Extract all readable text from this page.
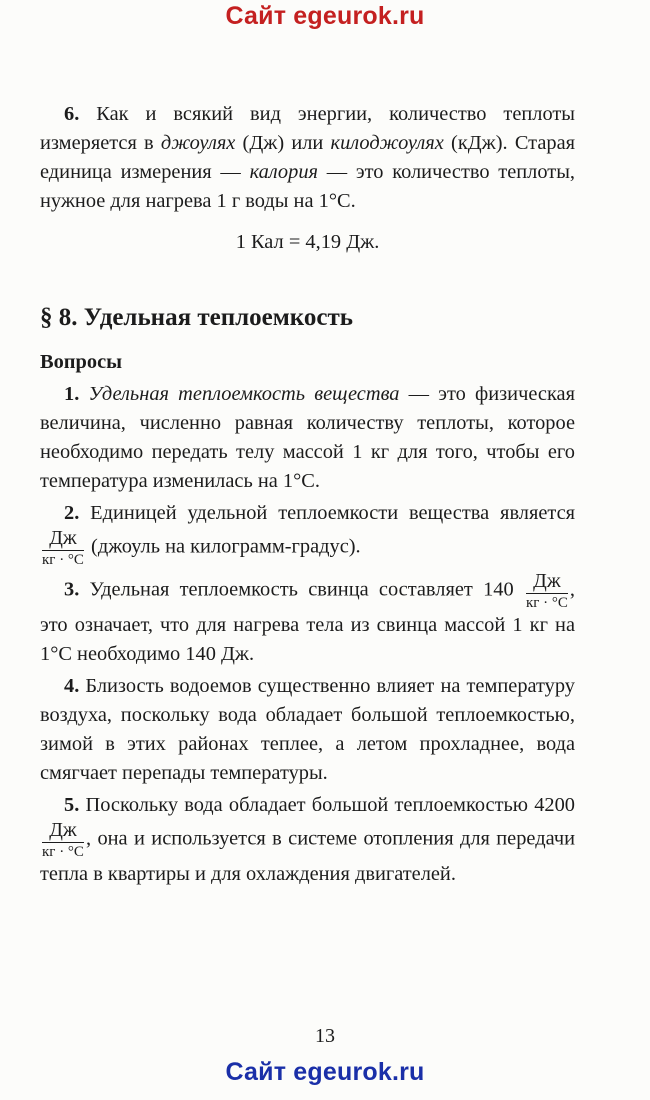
Сайт egeurok.ru

6. Как и всякий вид энергии, количество теплоты измеряется в джоулях (Дж) или килоджоулях (кДж). Старая единица измерения — калория — это количество теплоты, нужное для нагрева 1 г воды на 1°С.

1 Кал = 4,19 Дж.

§ 8. Удельная теплоемкость
Вопросы

1. Удельная теплоемкость вещества — это физическая величина, численно равная количеству теплоты, которое необходимо передать телу массой 1 кг для того, чтобы его температура изменилась на 1°С.

2. Единицей удельной теплоемкости вещества является
$\frac{Дж}{кг \cdot ^\circ С}$ (джоуль на килограмм-градус).

3. Удельная теплоемкость свинца составляет $140 \frac{Дж}{кг \cdot ^\circ С}$ , это означает, что для нагрева тела из свинца массой 1 кг на 1°С необходимо 140 Дж.

4. Близость водоемов существенно влияет на температуру воздуха, поскольку вода обладает большой теплоемкостью, зимой в этих районах теплее, а летом прохладнее, вода смягчает перепады температуры.

5. Поскольку вода обладает большой теплоемкостью 4200
$\frac{Дж}{кг \cdot ^\circ С}$ , она и используется в системе отопления для передачи тепла в квартиры и для охлаждения двигателей.

13
Сайт egeurok.ru
